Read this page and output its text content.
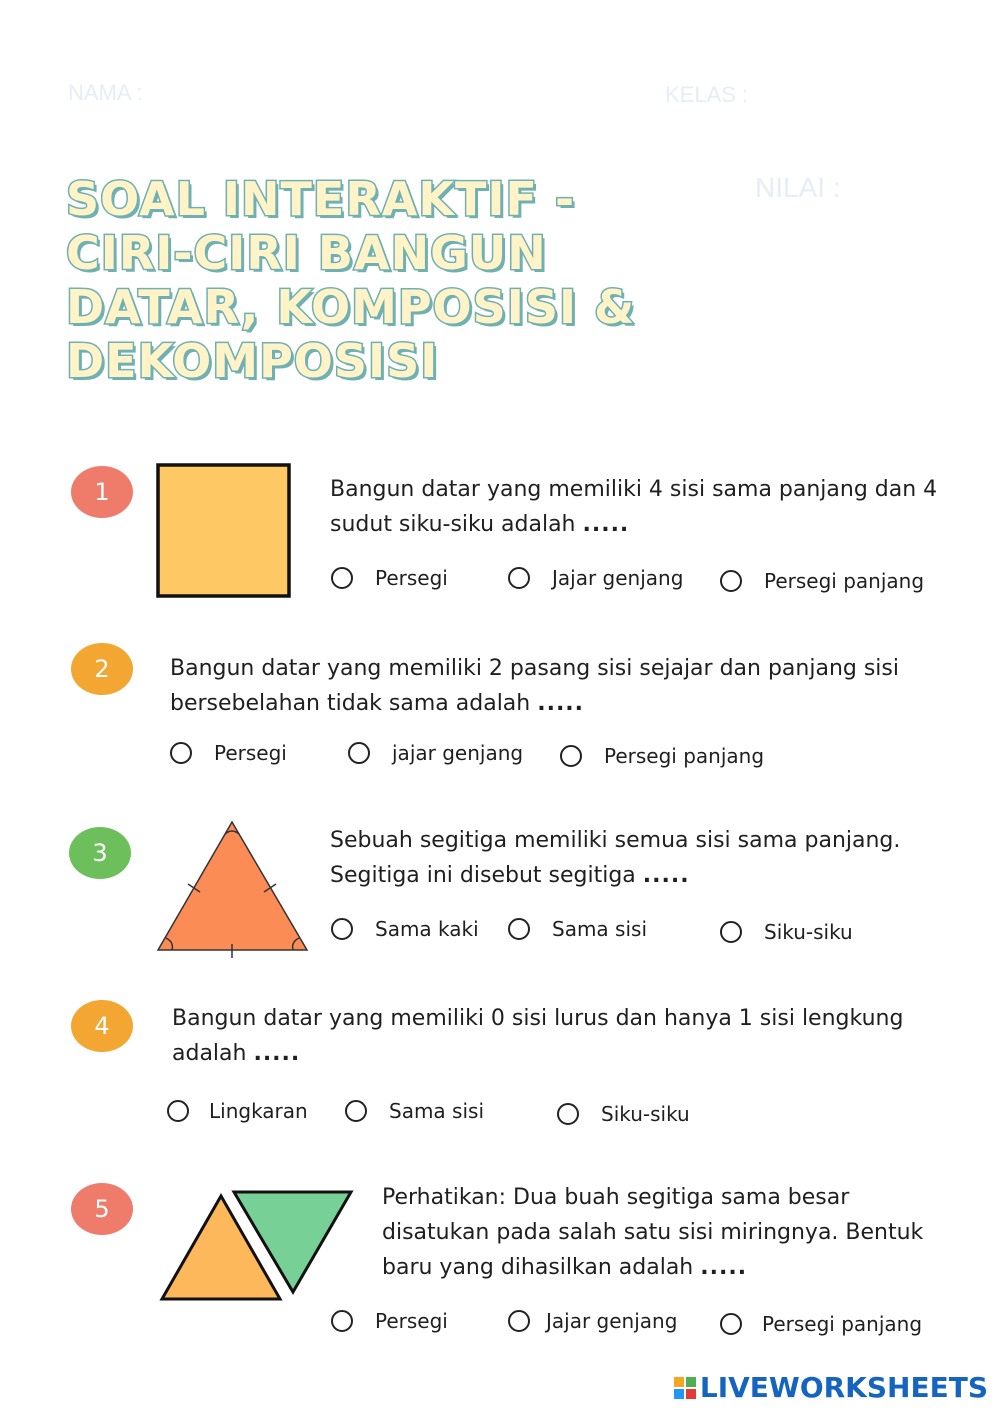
NAMA :	KELAS :
NILAI :
SOAL INTERAKTIF -
CIRI-CIRI BANGUN
DATAR, KOMPOSISI &
DEKOMPOSISI
1	Bangun datar yang memiliki 4 sisi sama panjang dan 4
sudut siku-siku adalah .....
Persegi	Jajar genjang	Persegi panjang
2	Bangun datar yang memiliki 2 pasang sisi sejajar dan panjang sisi
bersebelahan tidak sama adalah .....
Persegi	jajar genjang	Persegi panjang
3	Sebuah segitiga memiliki semua sisi sama panjang.
Segitiga ini disebut segitiga .....
Sama kaki	Sama sisi	Siku-siku
4	Bangun datar yang memiliki 0 sisi lurus dan hanya 1 sisi lengkung
adalah .....
Lingkaran	Sama sisi	Siku-siku
5	Perhatikan: Dua buah segitiga sama besar
disatukan pada salah satu sisi miringnya. Bentuk
baru yang dihasilkan adalah .....
Persegi	Jajar genjang	Persegi panjang
LIVEWORKSHEETS
